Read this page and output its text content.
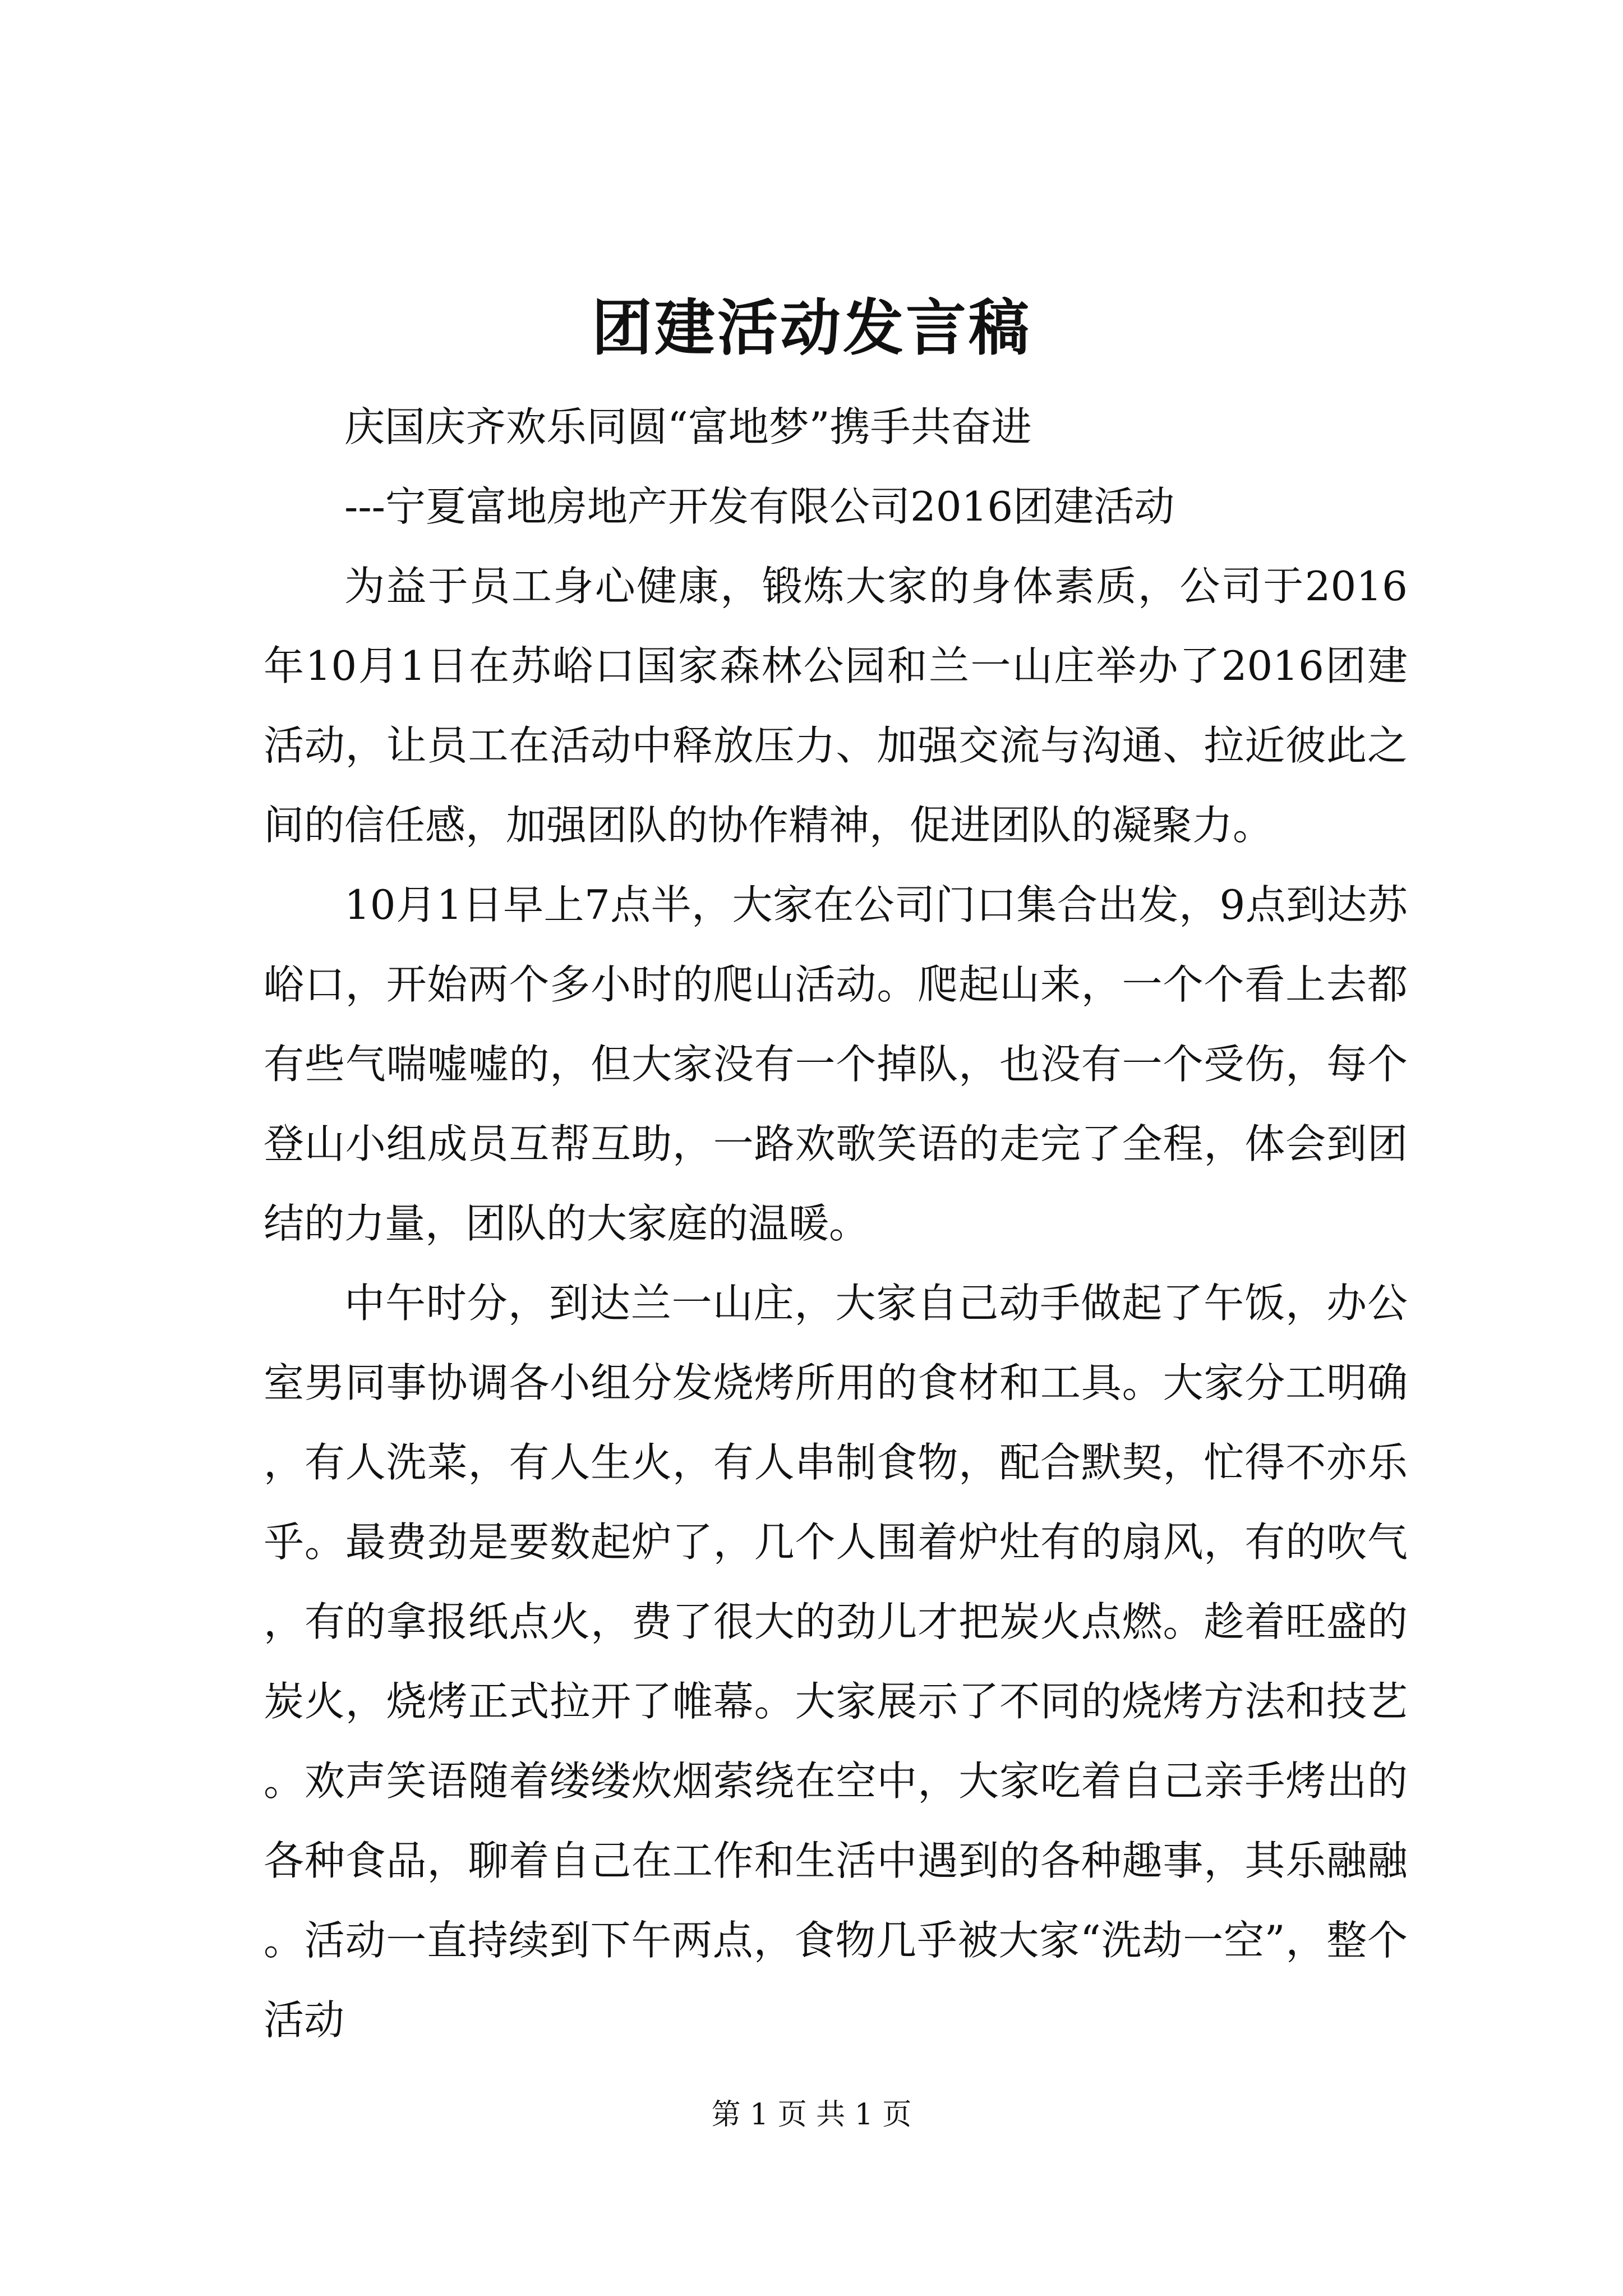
团建活动发言稿

庆国庆齐欢乐同圆“富地梦”携手共奋进

---宁夏富地房地产开发有限公司2016团建活动

为益于员工身心健康，锻炼大家的身体素质，公司于2016年10月1日在苏峪口国家森林公园和兰一山庄举办了2016团建活动，让员工在活动中释放压力、加强交流与沟通、拉近彼此之间的信任感，加强团队的协作精神，促进团队的凝聚力。

10月1日早上7点半，大家在公司门口集合出发，9点到达苏峪口，开始两个多小时的爬山活动。爬起山来，一个个看上去都有些气喘嘘嘘的，但大家没有一个掉队，也没有一个受伤，每个登山小组成员互帮互助，一路欢歌笑语的走完了全程，体会到团结的力量，团队的大家庭的温暖。

中午时分，到达兰一山庄，大家自己动手做起了午饭，办公室男同事协调各小组分发烧烤所用的食材和工具。大家分工明确，有人洗菜，有人生火，有人串制食物，配合默契，忙得不亦乐乎。最费劲是要数起炉了，几个人围着炉灶有的扇风，有的吹气，有的拿报纸点火，费了很大的劲儿才把炭火点燃。趁着旺盛的炭火，烧烤正式拉开了帷幕。大家展示了不同的烧烤方法和技艺。欢声笑语随着缕缕炊烟萦绕在空中，大家吃着自己亲手烤出的各种食品，聊着自己在工作和生活中遇到的各种趣事，其乐融融。活动一直持续到下午两点，食物几乎被大家“洗劫一空”，整个活动

第 1 页 共 1 页
